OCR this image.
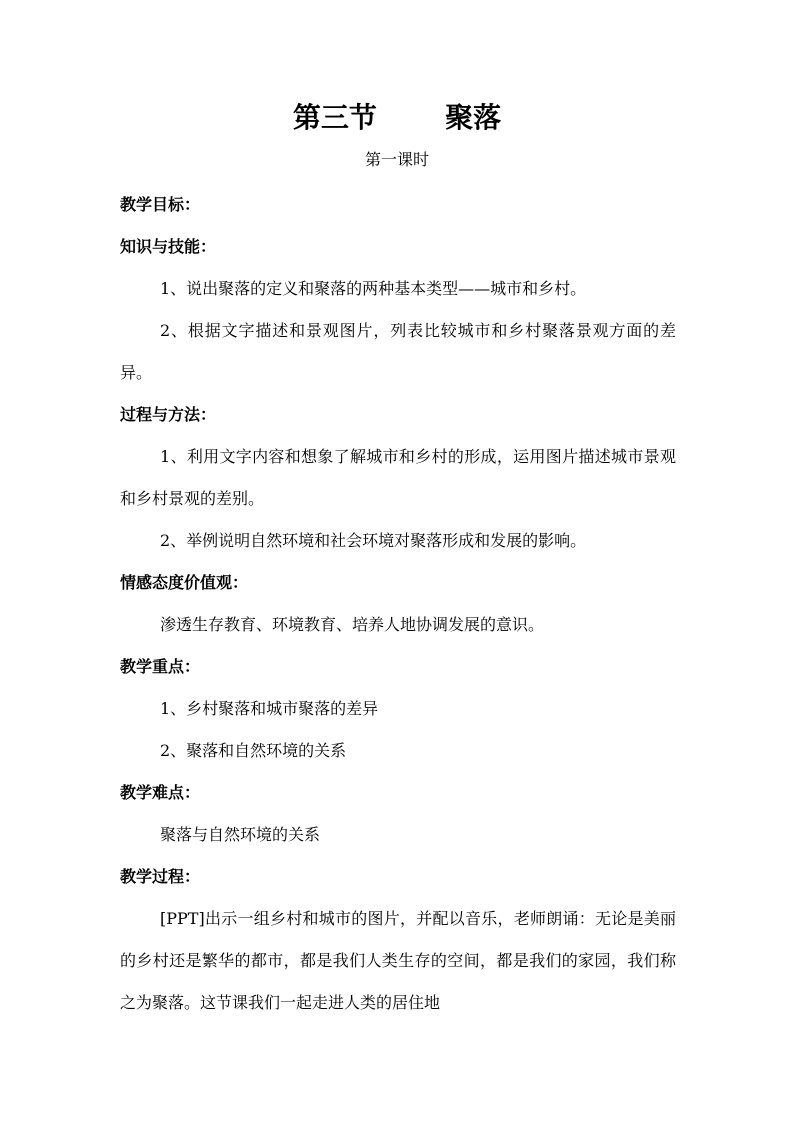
第三节       聚落
第一课时
教学目标：
知识与技能：
1、说出聚落的定义和聚落的两种基本类型——城市和乡村。
2、根据文字描述和景观图片，列表比较城市和乡村聚落景观方面的差异。
过程与方法：
1、利用文字内容和想象了解城市和乡村的形成，运用图片描述城市景观和乡村景观的差别。
2、举例说明自然环境和社会环境对聚落形成和发展的影响。
情感态度价值观：
渗透生存教育、环境教育、培养人地协调发展的意识。
教学重点：
1、乡村聚落和城市聚落的差异
2、聚落和自然环境的关系
教学难点：
聚落与自然环境的关系
教学过程：
[PPT]出示一组乡村和城市的图片，并配以音乐，老师朗诵：无论是美丽的乡村还是繁华的都市，都是我们人类生存的空间，都是我们的家园，我们称之为聚落。这节课我们一起走进人类的居住地
